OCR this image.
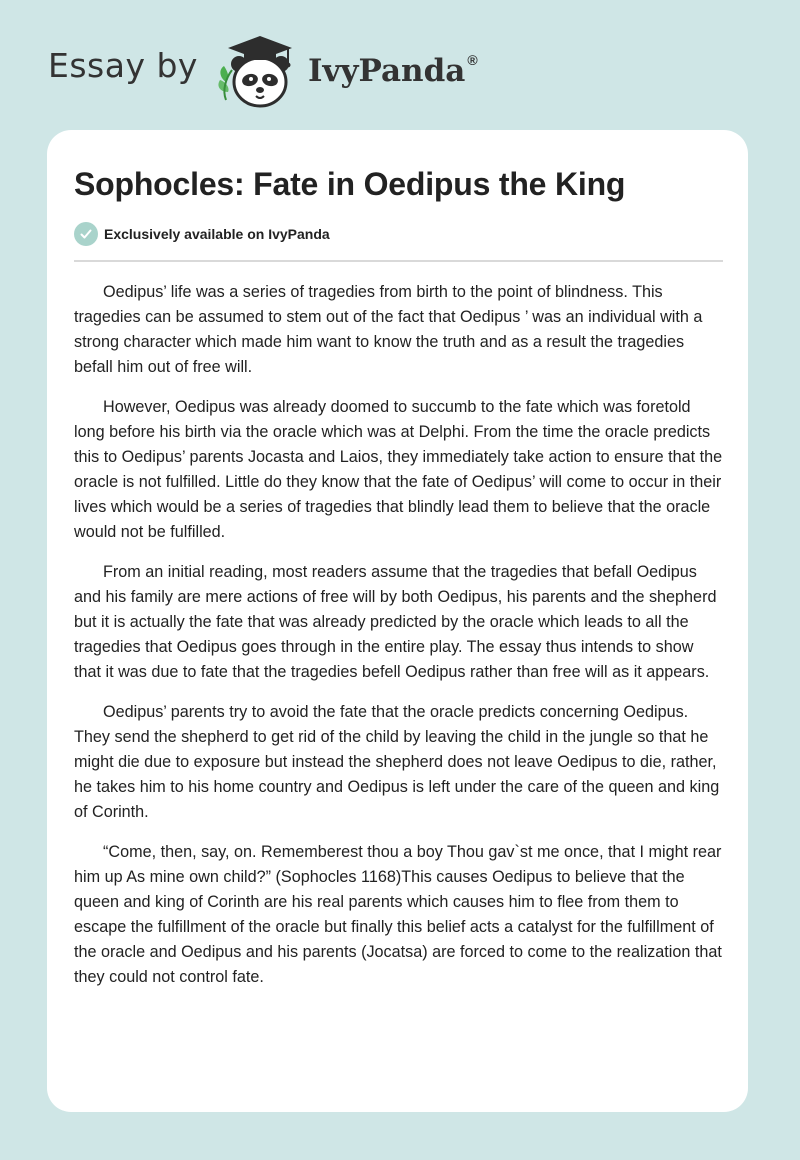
Essay by	IvyPanda ®
Sophocles: Fate in Oedipus the King
Exclusively available on IvyPanda

Oedipus’ life was a series of tragedies from birth to the point of blindness. This tragedies can be assumed to stem out of the fact that Oedipus ’ was an individual with a strong character which made him want to know the truth and as a result the tragedies befall him out of free will.

However, Oedipus was already doomed to succumb to the fate which was foretold long before his birth via the oracle which was at Delphi. From the time the oracle predicts this to Oedipus’ parents Jocasta and Laios, they immediately take action to ensure that the oracle is not fulfilled. Little do they know that the fate of Oedipus’ will come to occur in their lives which would be a series of tragedies that blindly lead them to believe that the oracle would not be fulfilled.

From an initial reading, most readers assume that the tragedies that befall Oedipus and his family are mere actions of free will by both Oedipus, his parents and the shepherd but it is actually the fate that was already predicted by the oracle which leads to all the tragedies that Oedipus goes through in the entire play. The essay thus intends to show that it was due to fate that the tragedies befell Oedipus rather than free will as it appears.

Oedipus’ parents try to avoid the fate that the oracle predicts concerning Oedipus. They send the shepherd to get rid of the child by leaving the child in the jungle so that he might die due to exposure but instead the shepherd does not leave Oedipus to die, rather, he takes him to his home country and Oedipus is left under the care of the queen and king of Corinth.

“Come, then, say, on. Rememberest thou a boy Thou gav`st me once, that I might rear him up As mine own child?” (Sophocles 1168)This causes Oedipus to believe that the queen and king of Corinth are his real parents which causes him to flee from them to escape the fulfillment of the oracle but finally this belief acts a catalyst for the fulfillment of the oracle and Oedipus and his parents (Jocatsa) are forced to come to the realization that they could not control fate.
